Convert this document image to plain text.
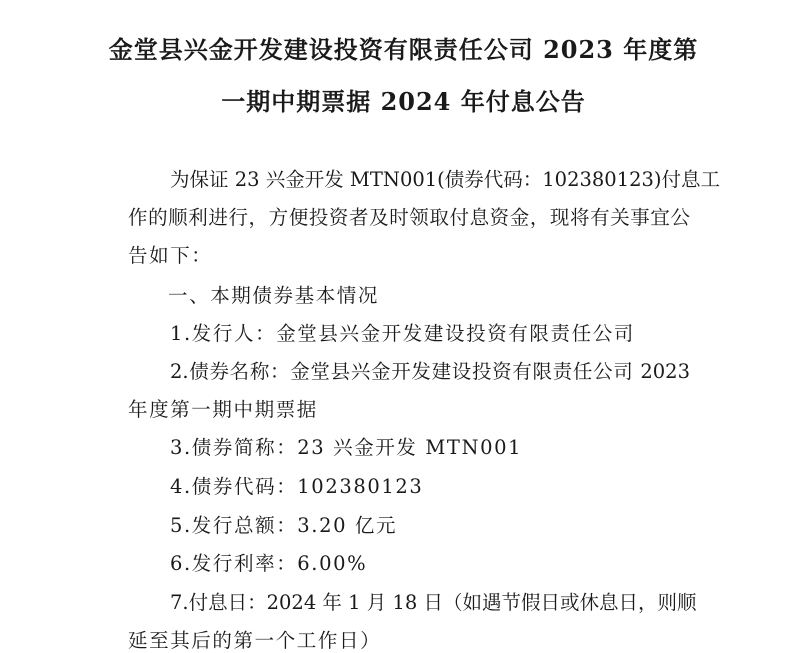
金堂县兴金开发建设投资有限责任公司 2023 年度第
一期中期票据 2024 年付息公告
为保证 23 兴金开发 MTN001(债券代码：102380123)付息工
作的顺利进行，方便投资者及时领取付息资金，现将有关事宜公
告如下：
一、本期债券基本情况
1.发行人：金堂县兴金开发建设投资有限责任公司
2.债券名称：金堂县兴金开发建设投资有限责任公司 2023
年度第一期中期票据
3.债券简称：23 兴金开发 MTN001
4.债券代码：102380123
5.发行总额：3.20 亿元
6.发行利率：6.00%
7.付息日：2024 年 1 月 18 日（如遇节假日或休息日，则顺
延至其后的第一个工作日）
